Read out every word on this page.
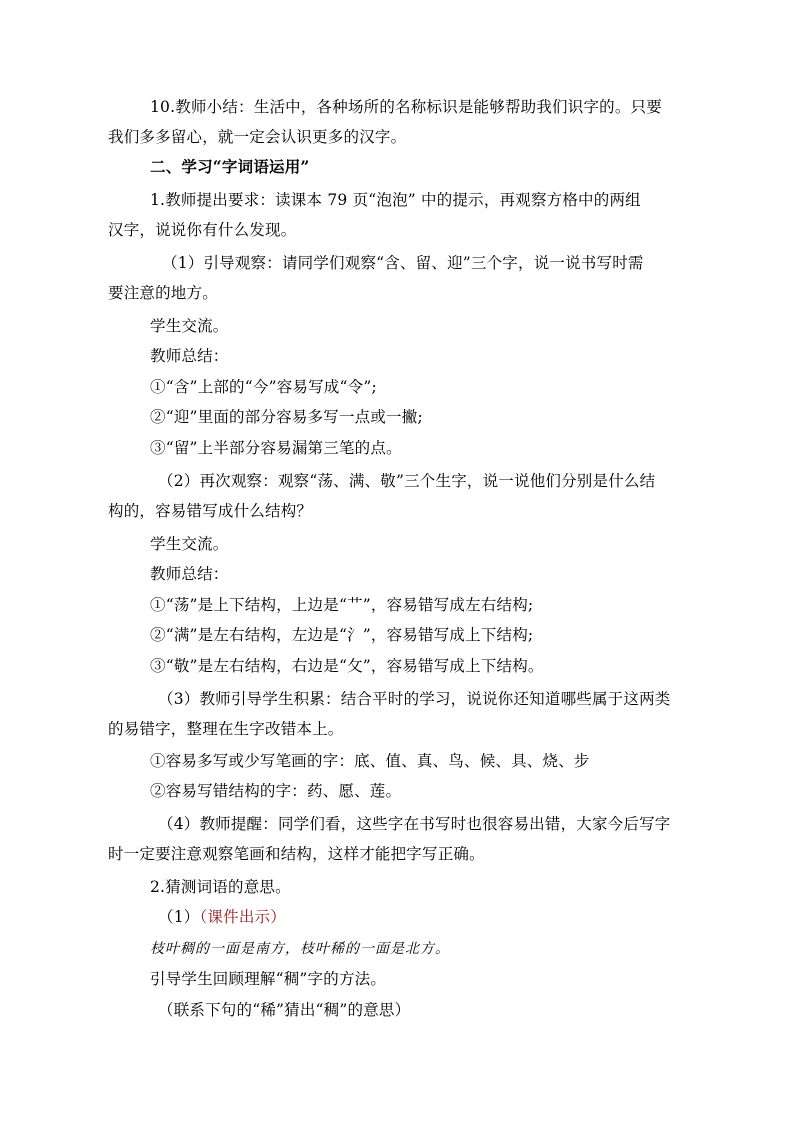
10.教师小结：生活中，各种场所的名称标识是能够帮助我们识字的。只要
我们多多留心，就一定会认识更多的汉字。
二、学习“字词语运用”
1.教师提出要求：读课本 79 页“泡泡” 中的提示，再观察方格中的两组
汉字，说说你有什么发现。
（1）引导观察：请同学们观察“含、留、迎”三个字，说一说书写时需
要注意的地方。
学生交流。
教师总结：
①“含”上部的“今”容易写成“令”;
②“迎”里面的部分容易多写一点或一撇;
③“留”上半部分容易漏第三笔的点。
（2）再次观察：观察“荡、满、敬”三个生字，说一说他们分别是什么结
构的，容易错写成什么结构？
学生交流。
教师总结：
①“荡”是上下结构，上边是“艹”，容易错写成左右结构;
②“满”是左右结构，左边是“氵”，容易错写成上下结构;
③“敬”是左右结构，右边是“攵”，容易错写成上下结构。
（3）教师引导学生积累：结合平时的学习，说说你还知道哪些属于这两类
的易错字，整理在生字改错本上。
①容易多写或少写笔画的字：底、值、真、鸟、候、具、烧、步
②容易写错结构的字：药、愿、莲。
（4）教师提醒：同学们看，这些字在书写时也很容易出错，大家今后写字
时一定要注意观察笔画和结构，这样才能把字写正确。
2.猜测词语的意思。
（1）（课件出示）
枝叶稠的一面是南方，枝叶稀的一面是北方。
引导学生回顾理解“稠”字的方法。
（联系下句的“稀”猜出“稠”的意思）
